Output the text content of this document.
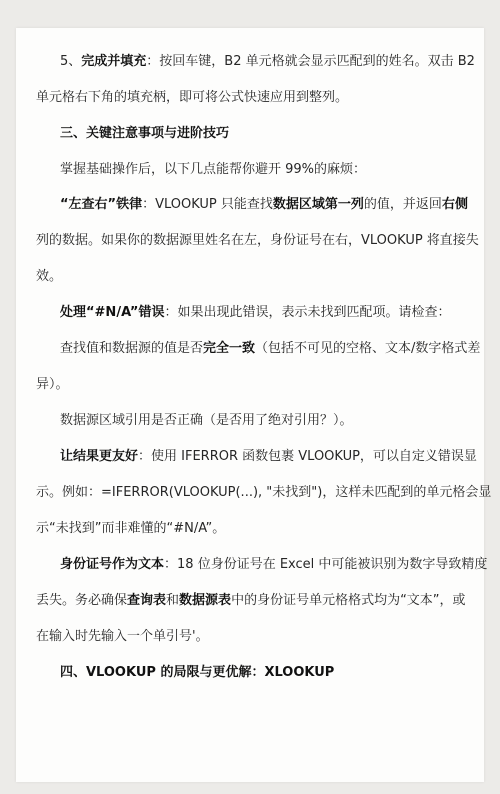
5、完成并填充：按回车键，B2 单元格就会显示匹配到的姓名。双击 B2
单元格右下角的填充柄，即可将公式快速应用到整列。
三、关键注意事项与进阶技巧
掌握基础操作后，以下几点能帮你避开 99%的麻烦：
“左查右”铁律：VLOOKUP 只能查找数据区域第一列的值，并返回右侧
列的数据。如果你的数据源里姓名在左，身份证号在右，VLOOKUP 将直接失
效。
处理“#N/A”错误：如果出现此错误，表示未找到匹配项。请检查：
查找值和数据源的值是否完全一致（包括不可见的空格、文本/数字格式差
异）。
数据源区域引用是否正确（是否用了绝对引用？）。
让结果更友好：使用 IFERROR 函数包裹 VLOOKUP，可以自定义错误显
示。例如：=IFERROR(VLOOKUP(...), "未找到")，这样未匹配到的单元格会显
示“未找到”而非难懂的“#N/A”。
身份证号作为文本：18 位身份证号在 Excel 中可能被识别为数字导致精度
丢失。务必确保查询表和数据源表中的身份证号单元格格式均为“文本”，或
在输入时先输入一个单引号'。
四、VLOOKUP 的局限与更优解：XLOOKUP
